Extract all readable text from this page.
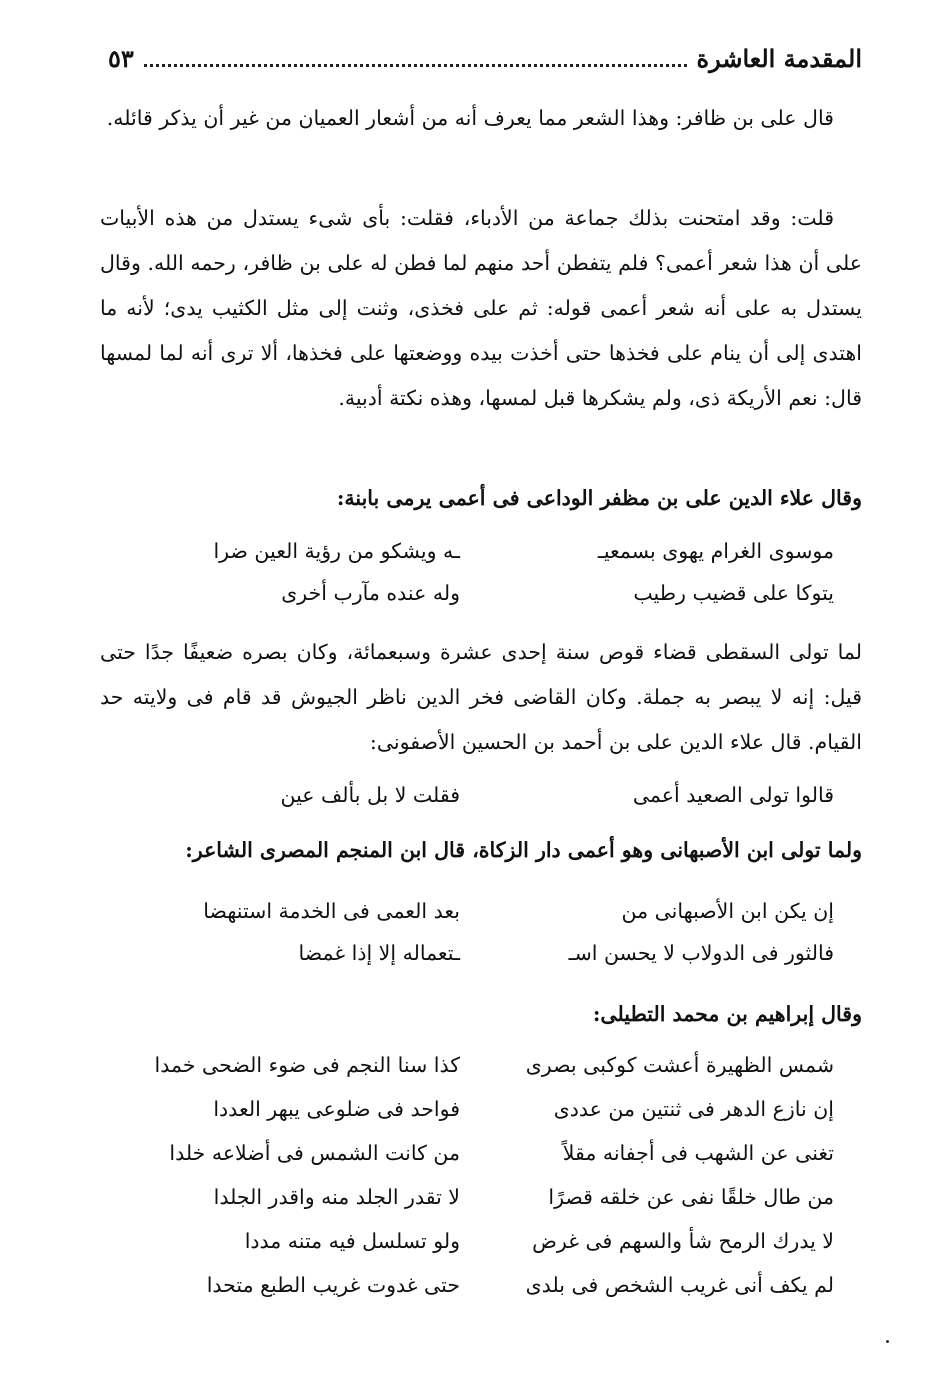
المقدمة العاشرة
٥٣

قال على بن ظافر: وهذا الشعر مما يعرف أنه من أشعار العميان من غير أن يذكر قائله.

قلت: وقد امتحنت بذلك جماعة من الأدباء، فقلت: بأى شىء يستدل من هذه الأبيات على أن هذا شعر أعمى؟ فلم يتفطن أحد منهم لما فطن له على بن ظافر، رحمه الله. وقال يستدل به على أنه شعر أعمى قوله: ثم على فخذى، وثنت إلى مثل الكثيب يدى؛ لأنه ما اهتدى إلى أن ينام على فخذها حتى أخذت بيده ووضعتها على فخذها، ألا ترى أنه لما لمسها قال: نعم الأريكة ذى، ولم يشكرها قبل لمسها، وهذه نكتة أدبية.

وقال علاء الدين على بن مظفر الوداعى فى أعمى يرمى بابنة:
موسوى الغرام يهوى بسمعيـ
ـه ويشكو من رؤية العين ضرا
يتوكا على قضيب رطيب
وله عنده مآرب أخرى

لما تولى السقطى قضاء قوص سنة إحدى عشرة وسبعمائة، وكان بصره ضعيفًا جدًا حتى قيل: إنه لا يبصر به جملة. وكان القاضى فخر الدين ناظر الجيوش قد قام فى ولايته حد القيام. قال علاء الدين على بن أحمد بن الحسين الأصفونى:

قالوا تولى الصعيد أعمى
فقلت لا بل بألف عين
ولما تولى ابن الأصبهانى وهو أعمى دار الزكاة، قال ابن المنجم المصرى الشاعر:
إن يكن ابن الأصبهانى من
بعد العمى فى الخدمة استنهضا
فالثور فى الدولاب لا يحسن اسـ
ـتعماله إلا إذا غمضا
وقال إبراهيم بن محمد التطيلى:
شمس الظهيرة أعشت كوكبى بصرى
كذا سنا النجم فى ضوء الضحى خمدا
إن نازع الدهر فى ثنتين من عددى
فواحد فى ضلوعى يبهر العددا
تغنى عن الشهب فى أجفانه مقلاً
من كانت الشمس فى أضلاعه خلدا
من طال خلقًا نفى عن خلقه قصرًا
لا تقدر الجلد منه واقدر الجلدا
لا يدرك الرمح شأ والسهم فى غرض
ولو تسلسل فيه متنه مددا
لم يكف أنى غريب الشخص فى بلدى
حتى غدوت غريب الطبع متحدا
